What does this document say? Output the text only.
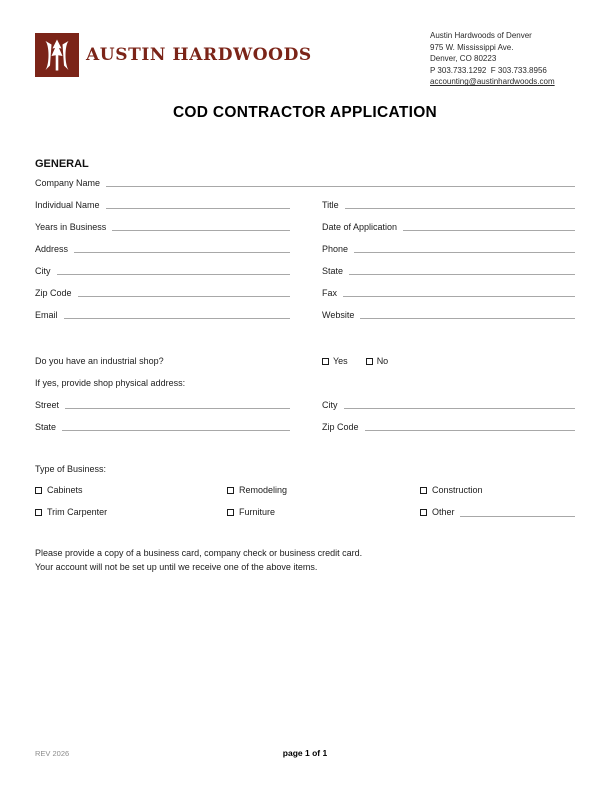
AUSTIN HARDWOODS
Austin Hardwoods of Denver
975 W. Mississippi Ave.
Denver, CO 80223
P 303.733.1292  F 303.733.8956
accounting@austinhardwoods.com
COD CONTRACTOR APPLICATION
GENERAL
Company Name
Individual Name	Title
Years in Business	Date of Application
Address	Phone
City	State
Zip Code	Fax
Email	Website
Do you have an industrial shop?	Yes	No
If yes, provide shop physical address:
Street	City
State	Zip Code
Type of Business:
Cabinets	Remodeling	Construction
Trim Carpenter	Furniture	Other
Please provide a copy of a business card, company check or business credit card.
Your account will not be set up until we receive one of the above items.
REV 2026	page 1 of 1
